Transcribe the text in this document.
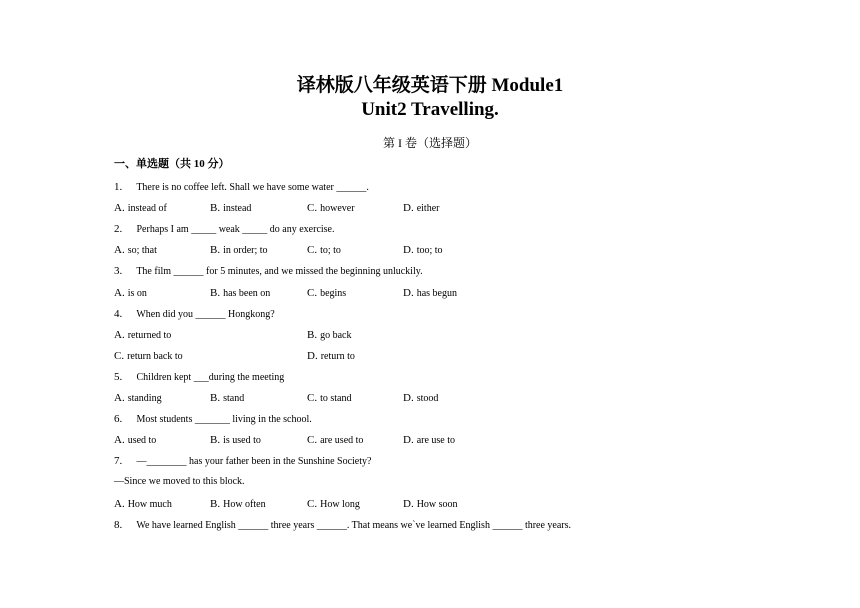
译林版八年级英语下册 Module1
Unit2 Travelling.
第 I 卷（选择题）
一、单选题（共 10 分）
1. There is no coffee left. Shall we have some water ______.
A. instead of	B. instead	C. however	D. either
2. Perhaps I am _____ weak _____ do any exercise.
A. so; that	B. in order; to	C. to; to	D. too; to
3. The film ______ for 5 minutes, and we missed the beginning unluckily.
A. is on	B. has been on	C. begins	D. has begun
4. When did you ______ Hongkong?
A. returned to	B. go back
C. return back to	D. return to
5. Children kept ___during the meeting
A. standing	B. stand	C. to stand	D. stood
6. Most students _______ living in the school.
A. used to	B. is used to	C. are used to	D. are use to
7. —________ has your father been in the Sunshine Society?
—Since we moved to this block.
A. How much	B. How often	C. How long	D. How soon
8. We have learned English ______ three years ______. That means we`ve learned English ______ three years.
